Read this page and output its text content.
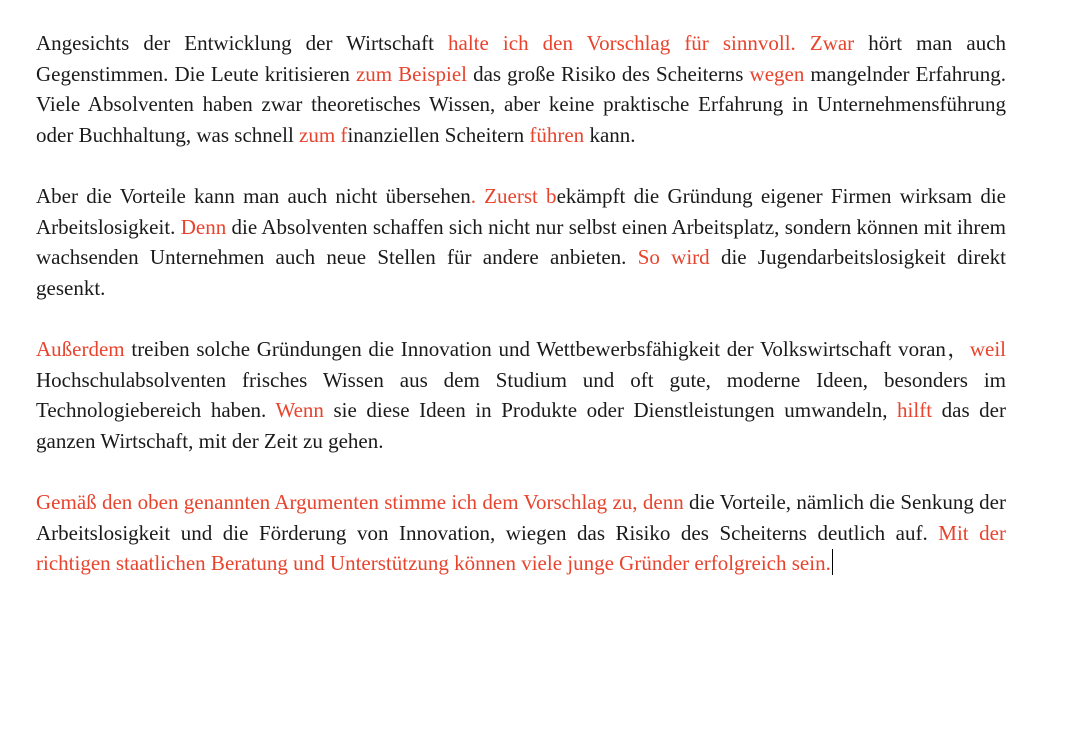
Angesichts der Entwicklung der Wirtschaft halte ich den Vorschlag für sinnvoll. Zwar hört man auch Gegenstimmen. Die Leute kritisieren zum Beispiel das große Risiko des Scheiterns wegen mangelnder Erfahrung. Viele Absolventen haben zwar theoretisches Wissen, aber keine praktische Erfahrung in Unternehmensführung oder Buchhaltung, was schnell zum finanziellen Scheitern führen kann.

Aber die Vorteile kann man auch nicht übersehen. Zuerst bekämpft die Gründung eigener Firmen wirksam die Arbeitslosigkeit. Denn die Absolventen schaffen sich nicht nur selbst einen Arbeitsplatz, sondern können mit ihrem wachsenden Unternehmen auch neue Stellen für andere anbieten. So wird die Jugendarbeitslosigkeit direkt gesenkt.

Außerdem treiben solche Gründungen die Innovation und Wettbewerbsfähigkeit der Volkswirtschaft voran，weil Hochschulabsolventen frisches Wissen aus dem Studium und oft gute, moderne Ideen, besonders im Technologiebereich haben. Wenn sie diese Ideen in Produkte oder Dienstleistungen umwandeln, hilft das der ganzen Wirtschaft, mit der Zeit zu gehen.

Gemäß den oben genannten Argumenten stimme ich dem Vorschlag zu, denn die Vorteile, nämlich die Senkung der Arbeitslosigkeit und die Förderung von Innovation, wiegen das Risiko des Scheiterns deutlich auf. Mit der richtigen staatlichen Beratung und Unterstützung können viele junge Gründer erfolgreich sein.
